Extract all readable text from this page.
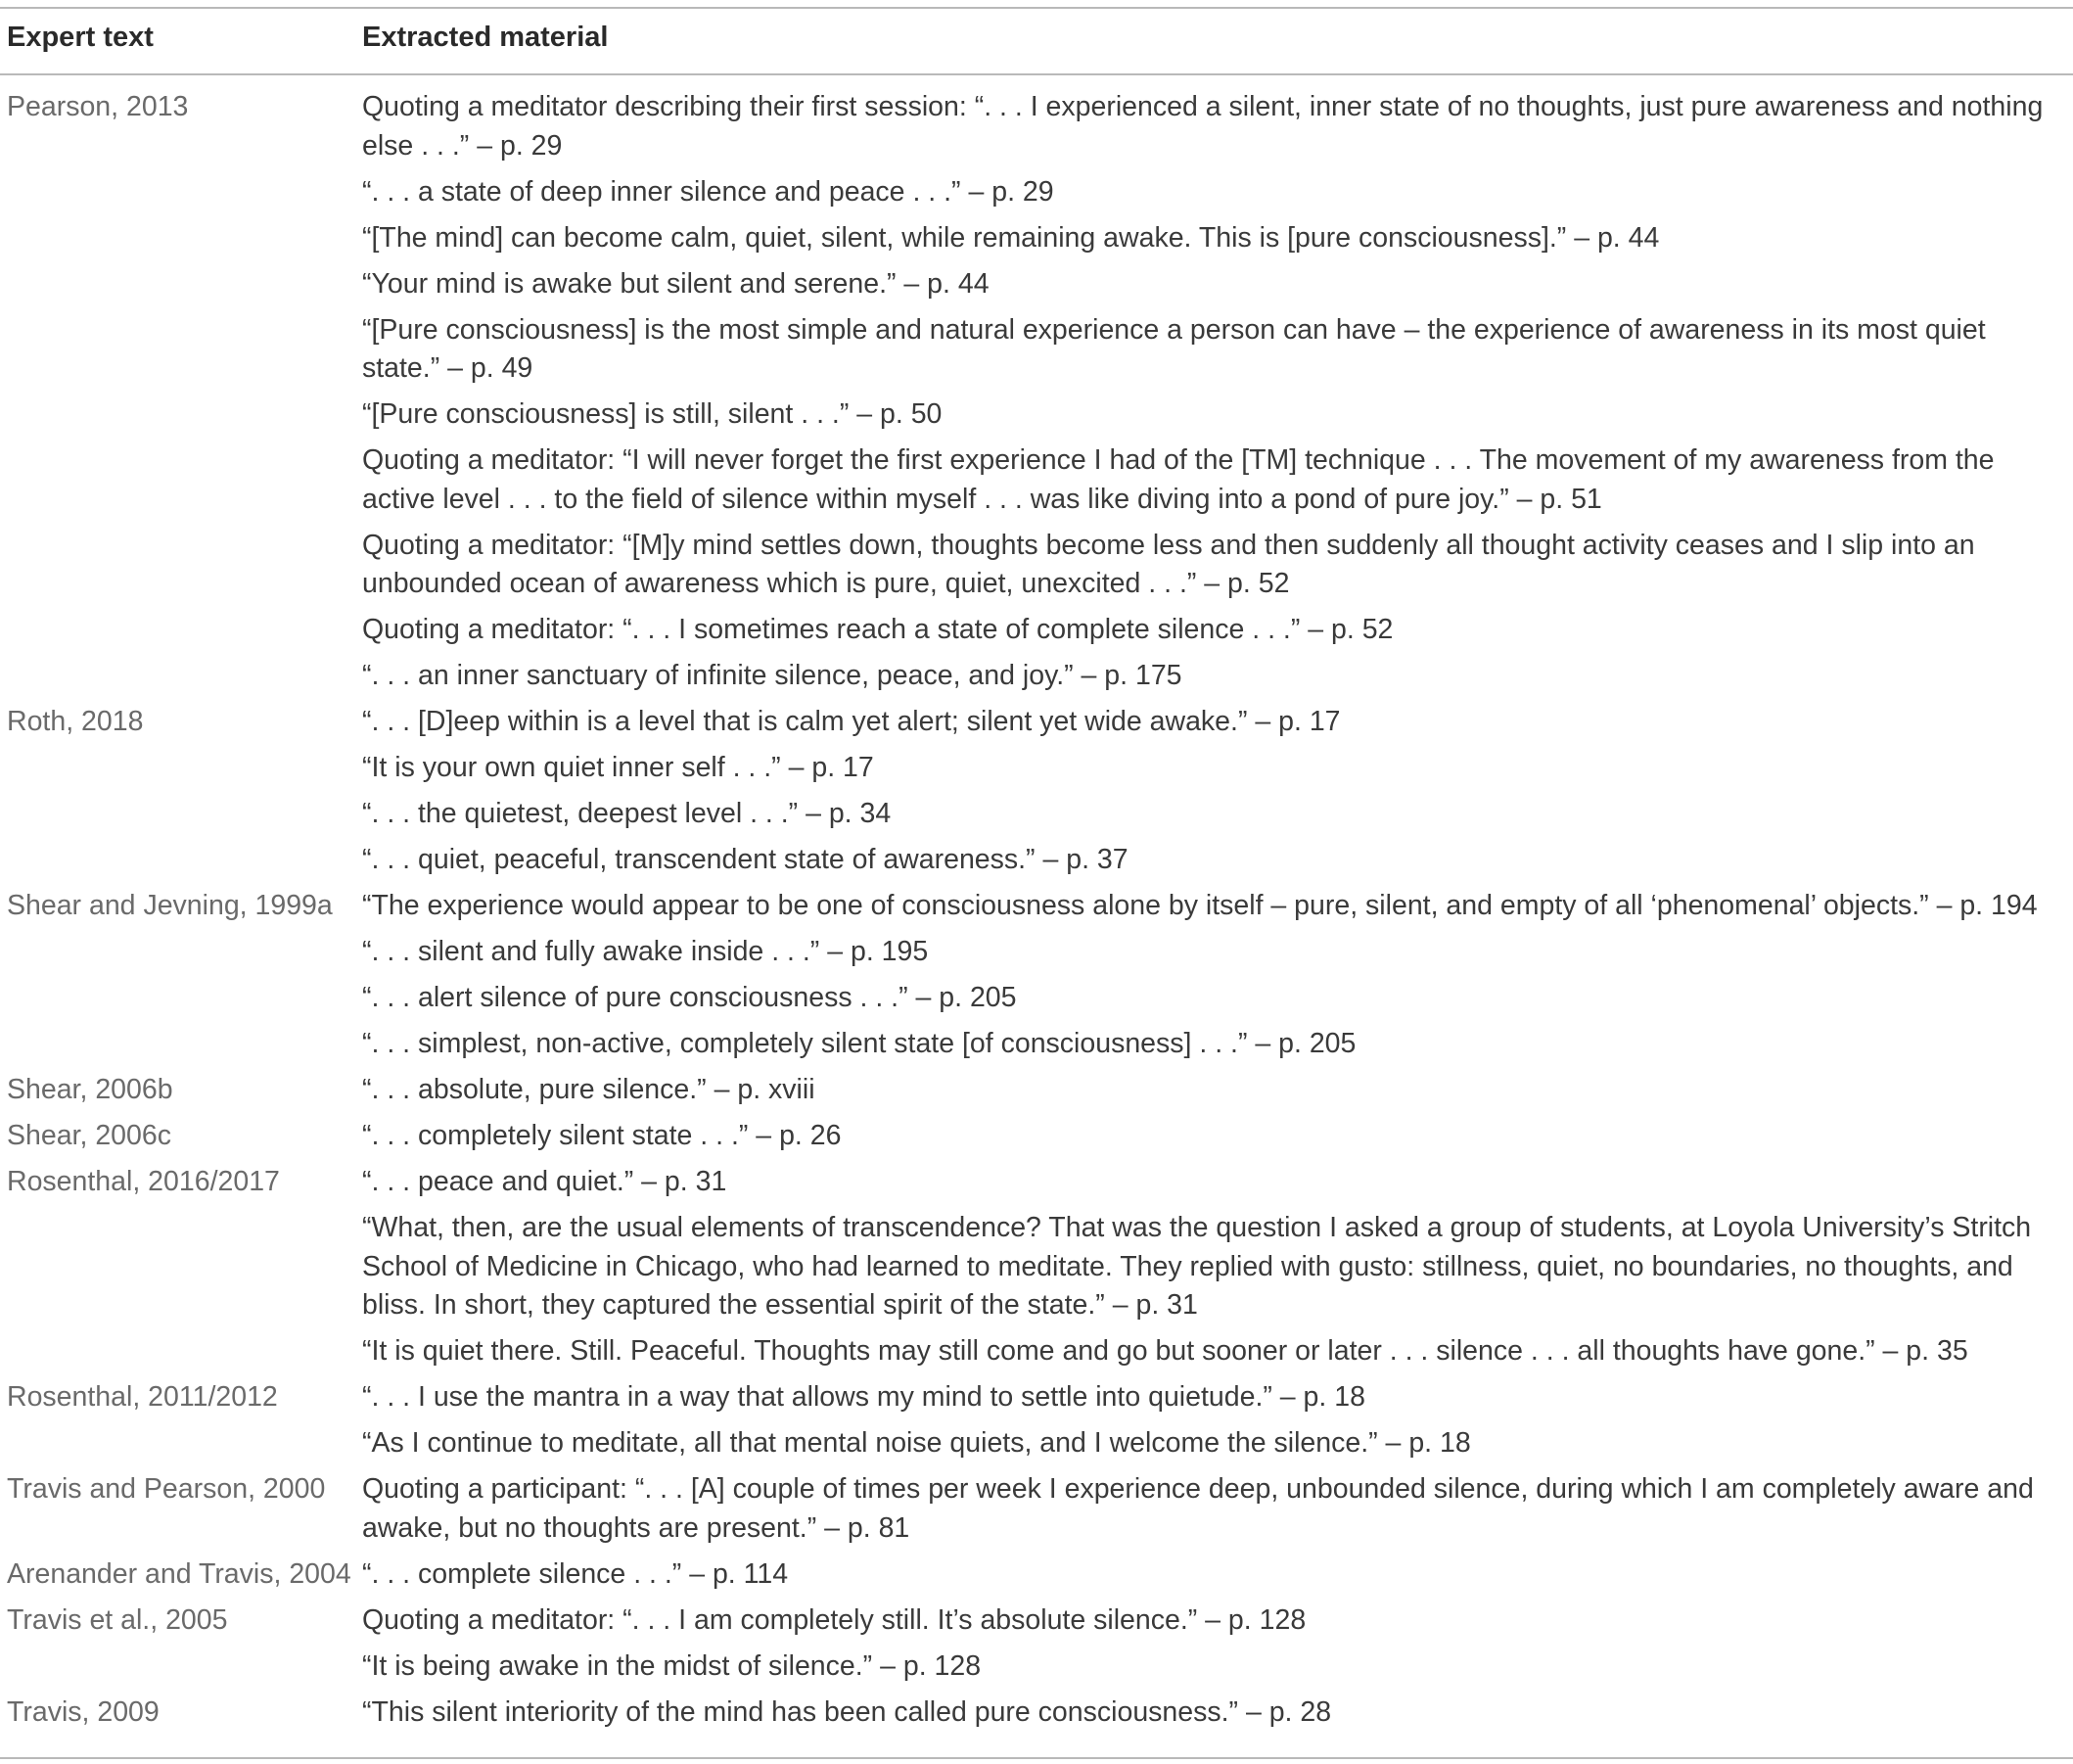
Expert text	Extracted material
Pearson, 2013	Quoting a meditator describing their first session: “. . . I experienced a silent, inner state of no thoughts, just pure awareness and nothing else . . .” – p. 29
“. . . a state of deep inner silence and peace . . .” – p. 29
“[The mind] can become calm, quiet, silent, while remaining awake. This is [pure consciousness].” – p. 44
“Your mind is awake but silent and serene.” – p. 44
“[Pure consciousness] is the most simple and natural experience a person can have – the experience of awareness in its most quiet state.” – p. 49
“[Pure consciousness] is still, silent . . .” – p. 50
Quoting a meditator: “I will never forget the first experience I had of the [TM] technique . . . The movement of my awareness from the active level . . . to the field of silence within myself . . . was like diving into a pond of pure joy.” – p. 51
Quoting a meditator: “[M]y mind settles down, thoughts become less and then suddenly all thought activity ceases and I slip into an unbounded ocean of awareness which is pure, quiet, unexcited . . .” – p. 52
Quoting a meditator: “. . . I sometimes reach a state of complete silence . . .” – p. 52
“. . . an inner sanctuary of infinite silence, peace, and joy.” – p. 175
Roth, 2018	“. . . [D]eep within is a level that is calm yet alert; silent yet wide awake.” – p. 17
“It is your own quiet inner self . . .” – p. 17
“. . . the quietest, deepest level . . .” – p. 34
“. . . quiet, peaceful, transcendent state of awareness.” – p. 37
Shear and Jevning, 1999a	“The experience would appear to be one of consciousness alone by itself – pure, silent, and empty of all ‘phenomenal’ objects.” – p. 194
“. . . silent and fully awake inside . . .” – p. 195
“. . . alert silence of pure consciousness . . .” – p. 205
“. . . simplest, non-active, completely silent state [of consciousness] . . .” – p. 205
Shear, 2006b	“. . . absolute, pure silence.” – p. xviii
Shear, 2006c	“. . . completely silent state . . .” – p. 26
Rosenthal, 2016/2017	“. . . peace and quiet.” – p. 31
“What, then, are the usual elements of transcendence? That was the question I asked a group of students, at Loyola University’s Stritch School of Medicine in Chicago, who had learned to meditate. They replied with gusto: stillness, quiet, no boundaries, no thoughts, and bliss. In short, they captured the essential spirit of the state.” – p. 31
“It is quiet there. Still. Peaceful. Thoughts may still come and go but sooner or later . . . silence . . . all thoughts have gone.” – p. 35
Rosenthal, 2011/2012	“. . . I use the mantra in a way that allows my mind to settle into quietude.” – p. 18
“As I continue to meditate, all that mental noise quiets, and I welcome the silence.” – p. 18
Travis and Pearson, 2000	Quoting a participant: “. . . [A] couple of times per week I experience deep, unbounded silence, during which I am completely aware and awake, but no thoughts are present.” – p. 81
Arenander and Travis, 2004 “. . . complete silence . . .” – p. 114
Travis et al., 2005	Quoting a meditator: “. . . I am completely still. It’s absolute silence.” – p. 128
“It is being awake in the midst of silence.” – p. 128
Travis, 2009	“This silent interiority of the mind has been called pure consciousness.” – p. 28
